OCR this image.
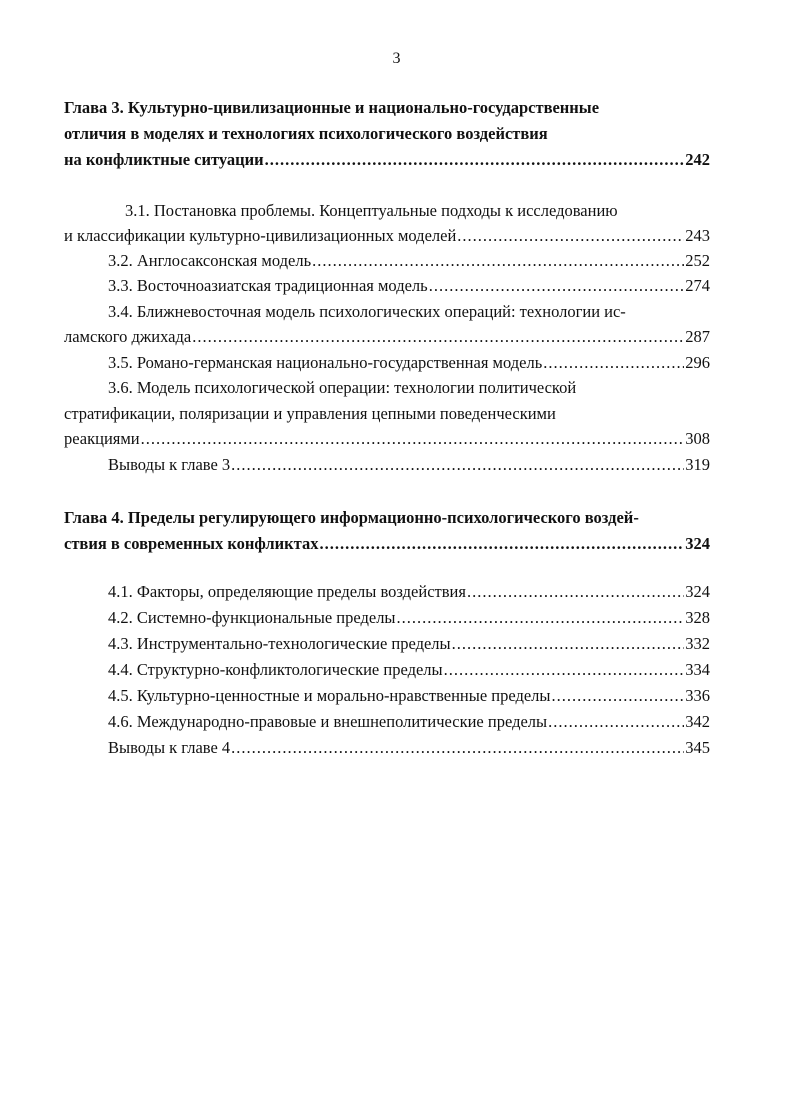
3
Глава 3. Культурно-цивилизационные и национально-государственные
отличия в моделях и технологиях психологического воздействия
на конфликтные ситуации .....	242
3.1. Постановка проблемы. Концептуальные подходы к исследованию
и классификации культурно-цивилизационных моделей .....	243
3.2. Англосаксонская модель .....	252
3.3. Восточноазиатская традиционная модель .....	274
3.4. Ближневосточная модель психологических операций: технологии ис-
ламского джихада .....	287
3.5. Романо-германская национально-государственная модель .....	296
3.6. Модель психологической операции: технологии политической
стратификации, поляризации и управления цепными поведенческими
реакциями .....	308
Выводы к главе 3 .....	319
Глава 4. Пределы регулирующего информационно-психологического воздей-
ствия в современных конфликтах .....	324
4.1. Факторы, определяющие пределы воздействия .....	324
4.2. Системно-функциональные пределы .....	328
4.3. Инструментально-технологические пределы .....	332
4.4. Структурно-конфликтологические пределы .....	334
4.5. Культурно-ценностные и морально-нравственные пределы .....	336
4.6. Международно-правовые и внешнеполитические пределы .....	342
Выводы к главе 4 .....	345
